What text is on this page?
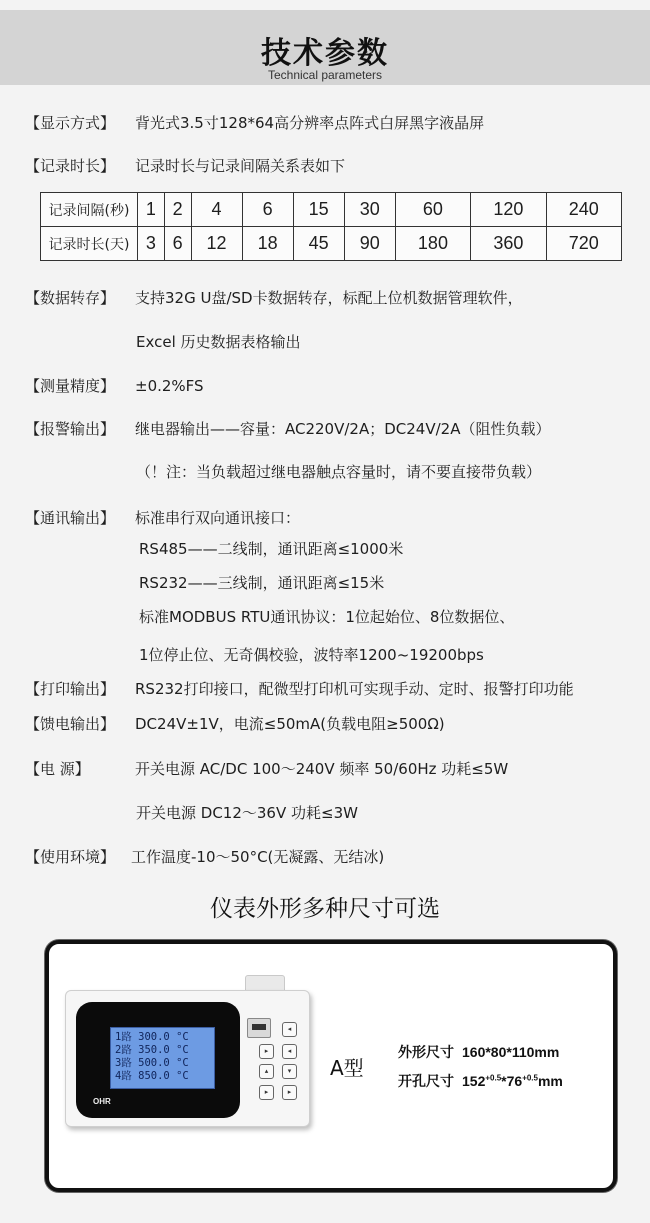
技术参数
Technical parameters
【显示方式】 背光式3.5寸128*64高分辨率点阵式白屏黑字液晶屏
【记录时长】 记录时长与记录间隔关系表如下
记录间隔(秒)	1	2	4	6	15	30	60	120	240
记录时长(天)	3	6	12	18	45	90	180	360	720
【数据转存】 支持32G U盘/SD卡数据转存，标配上位机数据管理软件，
Excel 历史数据表格输出
【测量精度】 ±0.2%FS
【报警输出】 继电器输出——容量：AC220V/2A；DC24V/2A（阻性负载）
（！注：当负载超过继电器触点容量时，请不要直接带负载）
【通讯输出】 标准串行双向通讯接口：
RS485——二线制，通讯距离≤1000米
RS232——三线制，通讯距离≤15米
标准MODBUS RTU通讯协议：1位起始位、8位数据位、
1位停止位、无奇偶校验，波特率1200~19200bps
【打印输出】 RS232打印接口，配微型打印机可实现手动、定时、报警打印功能
【馈电输出】 DC24V±1V，电流≤50mA(负载电阻≥500Ω)
【电 源】	开关电源 AC/DC 100～240V 频率 50/60Hz 功耗≤5W
开关电源 DC12～36V 功耗≤3W
【使用环境】 工作温度-10～50°C(无凝露、无结冰)
仪表外形多种尺寸可选
1路 300.0 °C
2路 350.0 °C
3路 500.0 °C
4路 850.0 °C
OHR
◂
▸	◂
▴	▾
▸	▸
A型
外形尺寸 160*80*110mm
开孔尺寸 $152^{+0.5}*76^{+0.5}mm$
